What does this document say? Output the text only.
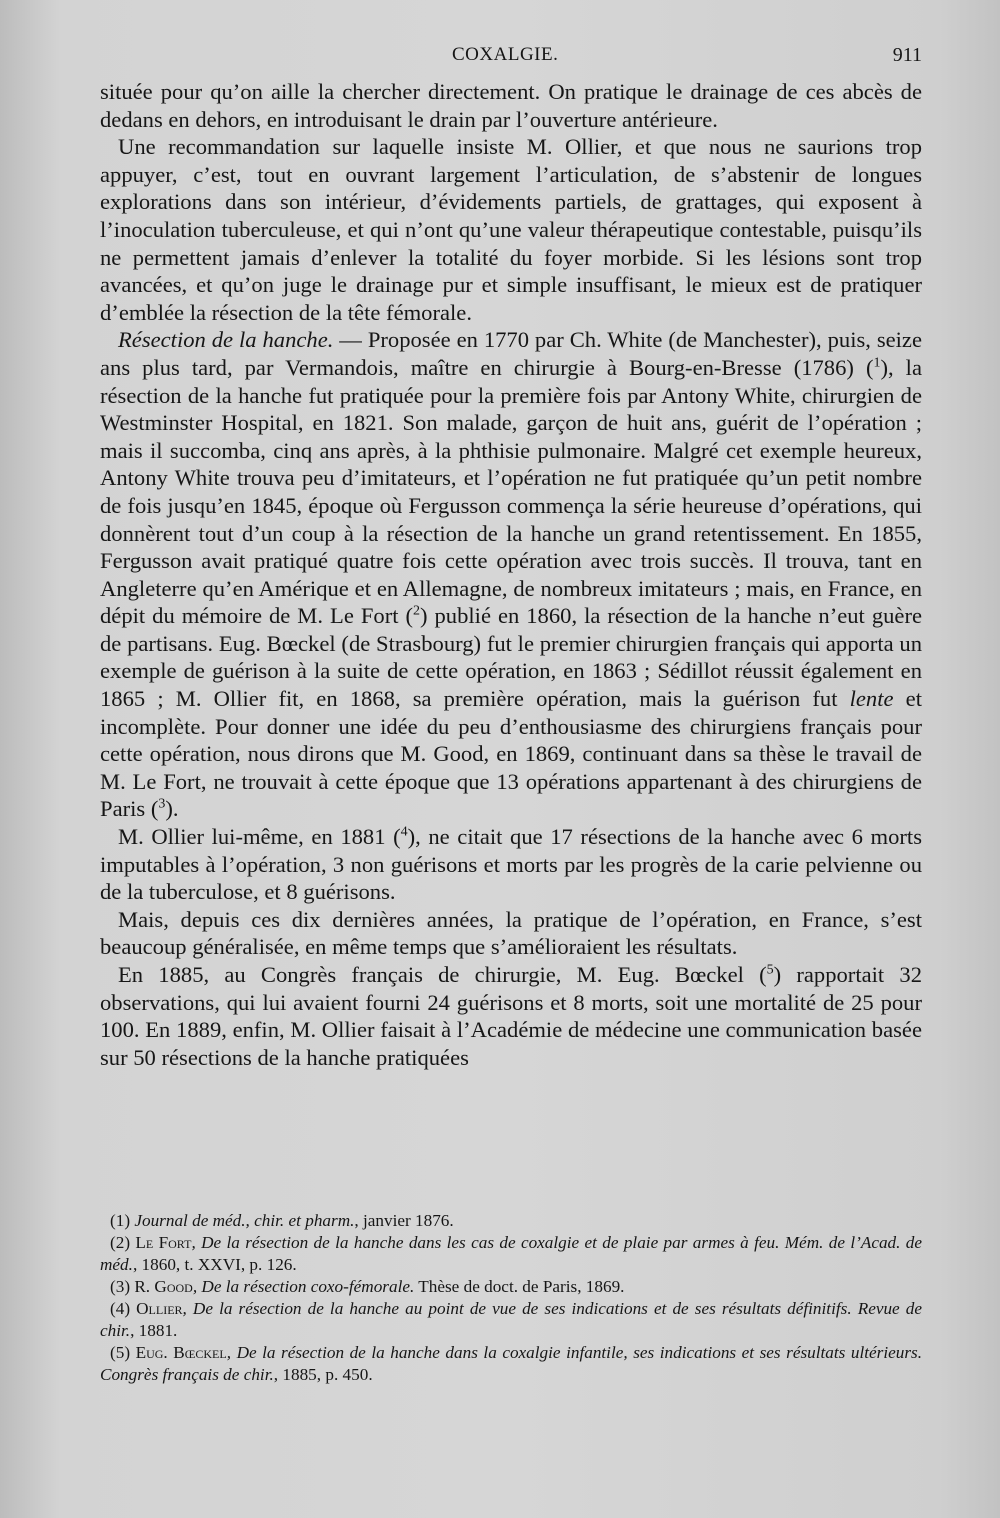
COXALGIE.	911

située pour qu’on aille la chercher directement. On pratique le drainage de ces abcès de dedans en dehors, en introduisant le drain par l’ouverture antérieure.

Une recommandation sur laquelle insiste M. Ollier, et que nous ne saurions trop appuyer, c’est, tout en ouvrant largement l’articulation, de s’abstenir de longues explorations dans son intérieur, d’évidements partiels, de grattages, qui exposent à l’inoculation tuberculeuse, et qui n’ont qu’une valeur thérapeutique contestable, puisqu’ils ne permettent jamais d’enlever la totalité du foyer morbide. Si les lésions sont trop avancées, et qu’on juge le drainage pur et simple insuffisant, le mieux est de pratiquer d’emblée la résection de la tête fémorale.

Résection de la hanche. — Proposée en 1770 par Ch. White (de Manchester), puis, seize ans plus tard, par Vermandois, maître en chirurgie à Bourg-en-Bresse (1786) ($^1$), la résection de la hanche fut pratiquée pour la première fois par Antony White, chirurgien de Westminster Hospital, en 1821. Son malade, garçon de huit ans, guérit de l’opération ; mais il succomba, cinq ans après, à la phthisie pulmonaire. Malgré cet exemple heureux, Antony White trouva peu d’imitateurs, et l’opération ne fut pratiquée qu’un petit nombre de fois jusqu’en 1845, époque où Fergusson commença la série heureuse d’opérations, qui donnèrent tout d’un coup à la résection de la hanche un grand retentissement. En 1855, Fergusson avait pratiqué quatre fois cette opération avec trois succès. Il trouva, tant en Angleterre qu’en Amérique et en Allemagne, de nombreux imitateurs ; mais, en France, en dépit du mémoire de M. Le Fort ($^2$) publié en 1860, la résection de la hanche n’eut guère de partisans. Eug. Bœckel (de Strasbourg) fut le premier chirurgien français qui apporta un exemple de guérison à la suite de cette opération, en 1863 ; Sédillot réussit également en 1865 ; M. Ollier fit, en 1868, sa première opération, mais la guérison fut lente et incomplète. Pour donner une idée du peu d’enthousiasme des chirurgiens français pour cette opération, nous dirons que M. Good, en 1869, continuant dans sa thèse le travail de M. Le Fort, ne trouvait à cette époque que 13 opérations appartenant à des chirurgiens de Paris ($^3$).

M. Ollier lui-même, en 1881 ($^4$), ne citait que 17 résections de la hanche avec 6 morts imputables à l’opération, 3 non guérisons et morts par les progrès de la carie pelvienne ou de la tuberculose, et 8 guérisons.

Mais, depuis ces dix dernières années, la pratique de l’opération, en France, s’est beaucoup généralisée, en même temps que s’amélioraient les résultats.

En 1885, au Congrès français de chirurgie, M. Eug. Bœckel ($^5$) rapportait 32 observations, qui lui avaient fourni 24 guérisons et 8 morts, soit une mortalité de 25 pour 100. En 1889, enfin, M. Ollier faisait à l’Académie de médecine une communication basée sur 50 résections de la hanche pratiquées

(1) Journal de méd., chir. et pharm., janvier 1876.

(2) Le Fort, De la résection de la hanche dans les cas de coxalgie et de plaie par armes à feu. Mém. de l’Acad. de méd., 1860, t. XXVI, p. 126.

(3) R. Good, De la résection coxo-fémorale. Thèse de doct. de Paris, 1869.

(4) Ollier, De la résection de la hanche au point de vue de ses indications et de ses résultats définitifs. Revue de chir., 1881.

(5) Eug. Bœckel, De la résection de la hanche dans la coxalgie infantile, ses indications et ses résultats ultérieurs. Congrès français de chir., 1885, p. 450.
